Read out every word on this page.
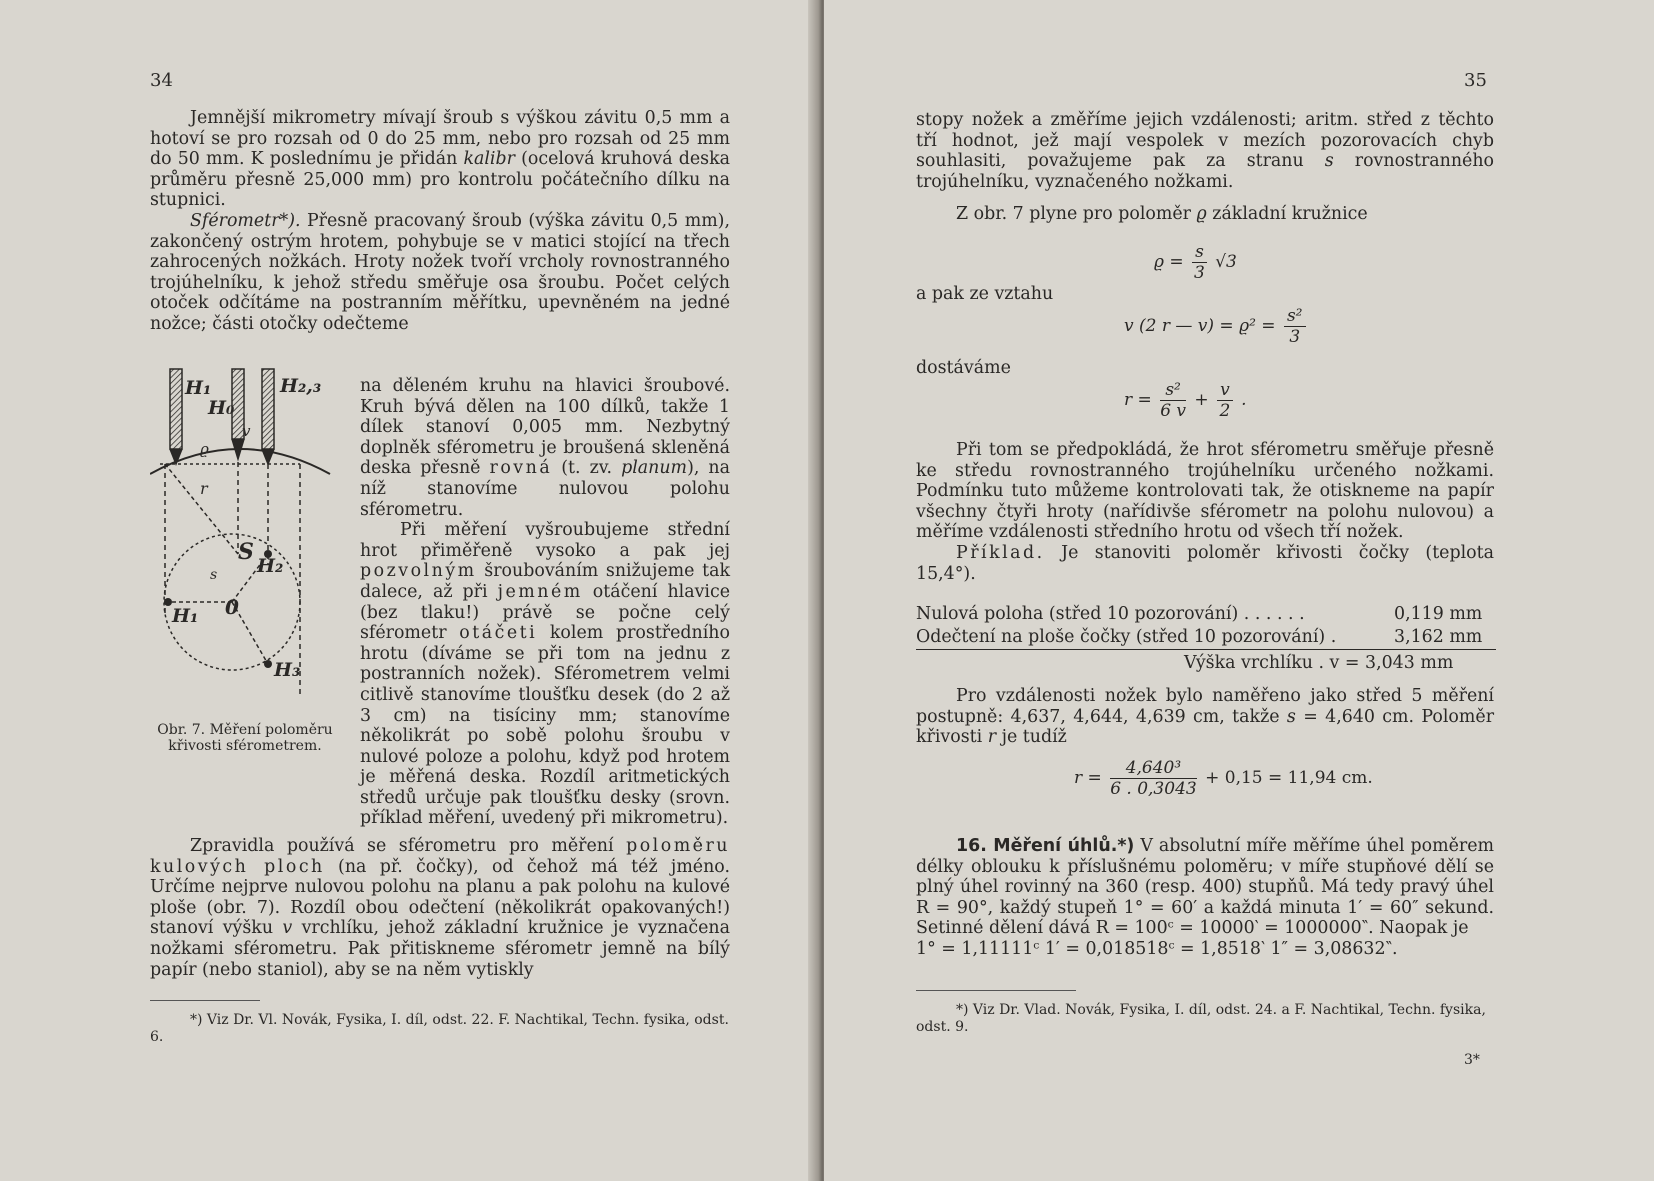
34

Jemnější mikrometry mívají šroub s výškou závitu 0,5 mm a hotoví se pro rozsah od 0 do 25 mm, nebo pro rozsah od 25 mm do 50 mm. K poslednímu je přidán kalibr (ocelová kruhová deska průměru přesně 25,000 mm) pro kontrolu počátečního dílku na stupnici.

Sférometr*). Přesně pracovaný šroub (výška závitu 0,5 mm), zakončený ostrým hrotem, pohybuje se v matici stojící na třech zahrocených nožkách. Hroty nožek tvoří vrcholy rovnostranného trojúhelníku, k jehož středu směřuje osa šroubu. Počet celých otoček odčítáme na postranním měřítku, upevněném na jedné nožce; části otočky odečteme

H₁	H₂,₃
H₀
v
ϱ
r
S
H₂
s
0
H₁
H₃
Obr. 7. Měření poloměru křivosti sférometrem.

na děleném kruhu na hlavici šroubové. Kruh bývá dělen na 100 dílků, takže 1 dílek stanoví 0,005 mm. Nezbytný doplněk sférometru je broušená skleněná deska přesně rovná (t. zv. planum), na níž stanovíme nulovou polohu sférometru.

Při měření vyšroubujeme střední hrot přiměřeně vysoko a pak jej pozvolným šroubováním snižujeme tak dalece, až při jemném otáčení hlavice (bez tlaku!) právě se počne celý sférometr otáčeti kolem prostředního hrotu (díváme se při tom na jednu z postranních nožek). Sférometrem velmi citlivě stanovíme tloušťku desek (do 2 až 3 cm) na tisíciny mm; stanovíme několikrát po sobě polohu šroubu v nulové poloze a polohu, když pod hrotem je měřená deska. Rozdíl aritmetických středů určuje pak tloušťku desky (srovn. příklad měření, uvedený při mikrometru).

Zpravidla používá se sférometru pro měření poloměru kulových ploch (na př. čočky), od čehož má též jméno. Určíme nejprve nulovou polohu na planu a pak polohu na kulové ploše (obr. 7). Rozdíl obou odečtení (několikrát opakovaných!) stanoví výšku v vrchlíku, jehož základní kružnice je vyznačena nožkami sférometru. Pak přitiskneme sférometr jemně na bílý papír (nebo staniol), aby se na něm vytiskly

*) Viz Dr. Vl. Novák, Fysika, I. díl, odst. 22. F. Nachtikal, Techn. fysika, odst. 6.
35

stopy nožek a změříme jejich vzdálenosti; aritm. střed z těchto tří hodnot, jež mají vespolek v mezích pozorovacích chyb souhlasiti, považujeme pak za stranu s rovnostranného trojúhelníku, vyznačeného nožkami.

Z obr. 7 plyne pro poloměr ϱ základní kružnice

$ϱ = \frac{s}{3} √3$
a pak ze vztahu
v (2 r — $v) = ϱ^2 = \frac{\text{s²}}{3}$
dostáváme
$r = \frac{\text{s²}}{6 v} + \frac{v}{2}$ .

Při tom se předpokládá, že hrot sférometru směřuje přesně ke středu rovnostranného trojúhelníku určeného nožkami. Podmínku tuto můžeme kontrolovati tak, že otiskneme na papír všechny čtyři hroty (nařídivše sférometr na polohu nulovou) a měříme vzdálenosti středního hrotu od všech tří nožek.

Příklad. Je stanoviti poloměr křivosti čočky (teplota 15,4°).

Nulová poloha (střed 10 pozorování) . . . . . .	0,119 mm
Odečtení na ploše čočky (střed 10 pozorování) .	3,162 mm
Výška vrchlíku . v = 3,043 mm

Pro vzdálenosti nožek bylo naměřeno jako střed 5 měření postupně: 4,637, 4,644, 4,639 cm, takže s = 4,640 cm. Poloměr křivosti r je tudíž

$r = \frac{\text{4,640³}}{6 . 0,3043} + 0,15 = 11,94$ cm.

16. Měření úhlů.*) V absolutní míře měříme úhel poměrem délky oblouku k příslušnému poloměru; v míře stupňové dělí se plný úhel rovinný na 360 (resp. 400) stupňů. Má tedy pravý úhel R = 90°, každý stupeň 1° = 60′ a každá minuta 1′ = 60″ sekund. Setinné dělení dává R = 100ᶜ = 10000‵ = 1000000‶. Naopak je

1° = 1,11111ᶜ 1′ = 0,018518ᶜ = 1,8518‵ 1″ = 3,08632‶.

*) Viz Dr. Vlad. Novák, Fysika, I. díl, odst. 24. a F. Nachtikal, Techn. fysika, odst. 9.
3*
